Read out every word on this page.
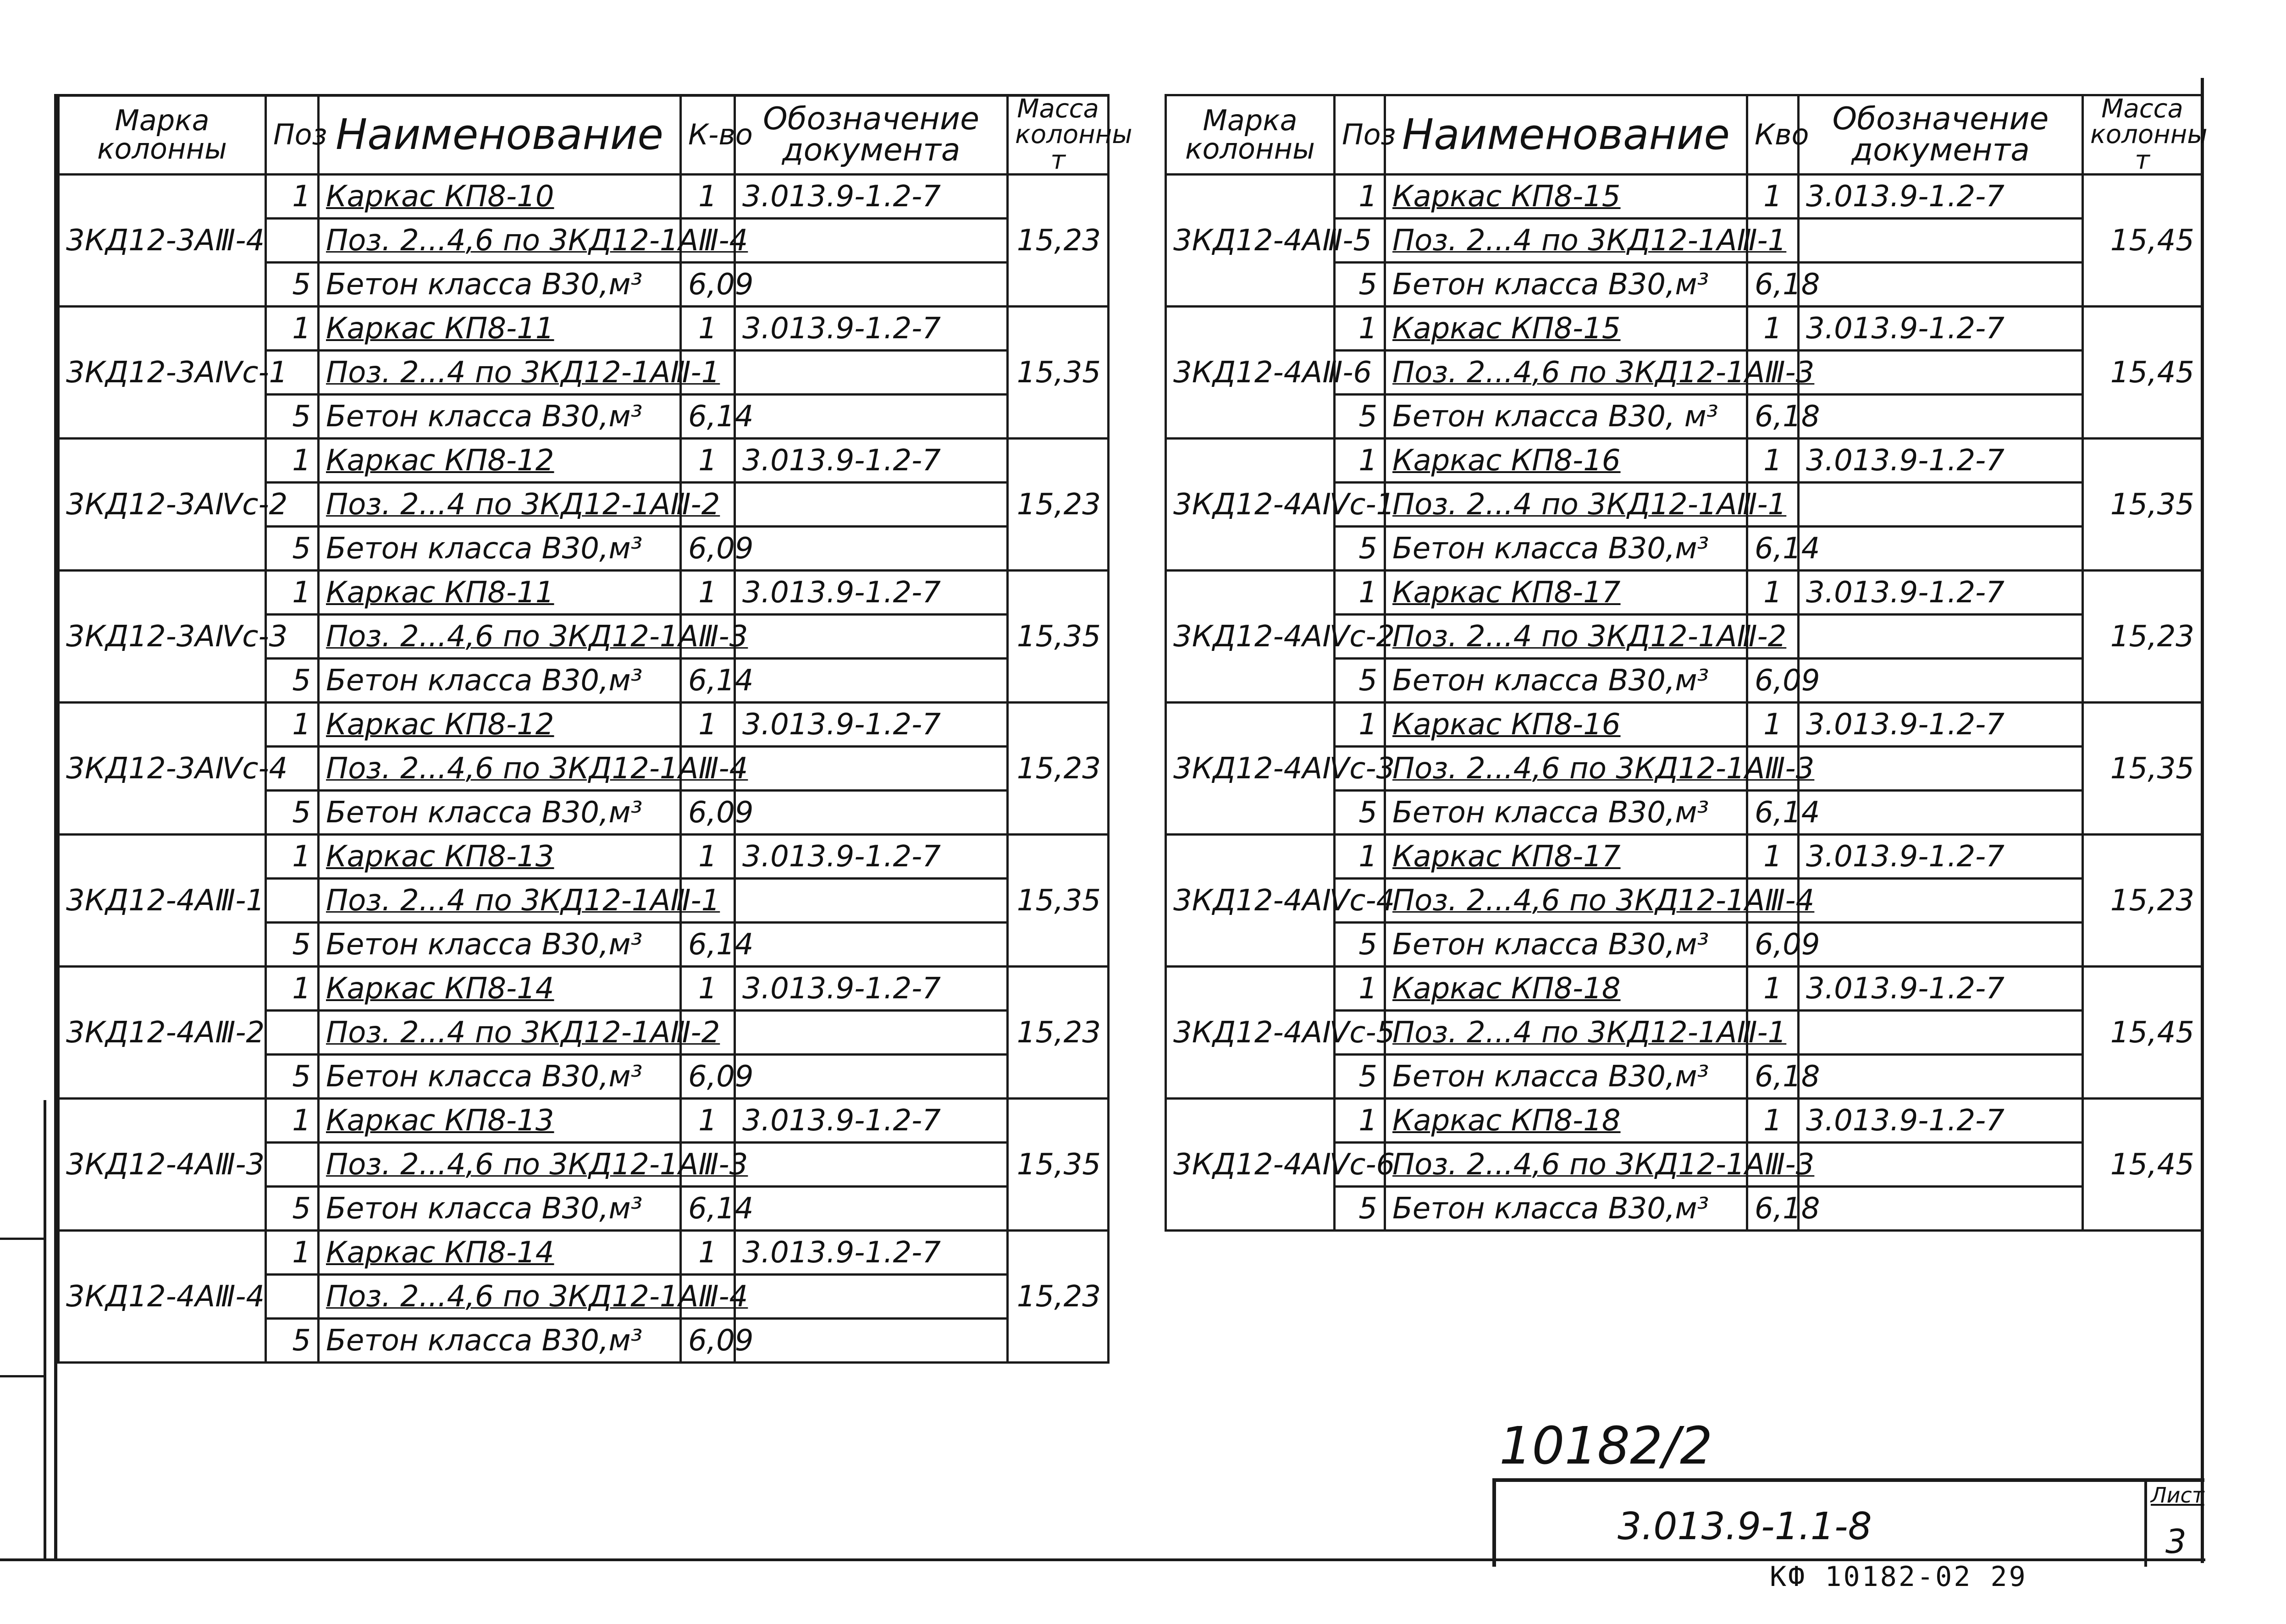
Марка колонны	Поз	Наименование	К-во	Обозначение документа	Масса колонны т
3КД12-3АⅢ-4	1	Каркас КП8-10	1	3.013.9-1.2-7	15,23
		Поз. 2...4,6 по 3КД12-1АⅢ-4			
	5	Бетон класса В30,м³	6,09		
3КД12-3АⅣс-1	1	Каркас КП8-11	1	3.013.9-1.2-7	15,35
		Поз. 2...4 по 3КД12-1АⅢ-1			
	5	Бетон класса В30,м³	6,14		
3КД12-3АⅣс-2	1	Каркас КП8-12	1	3.013.9-1.2-7	15,23
		Поз. 2...4 по 3КД12-1АⅢ-2			
	5	Бетон класса В30,м³	6,09		
3КД12-3АⅣс-3	1	Каркас КП8-11	1	3.013.9-1.2-7	15,35
		Поз. 2...4,6 по 3КД12-1АⅢ-3			
	5	Бетон класса В30,м³	6,14		
3КД12-3АⅣс-4	1	Каркас КП8-12	1	3.013.9-1.2-7	15,23
		Поз. 2...4,6 по 3КД12-1АⅢ-4			
	5	Бетон класса В30,м³	6,09		
3КД12-4АⅢ-1	1	Каркас КП8-13	1	3.013.9-1.2-7	15,35
		Поз. 2...4 по 3КД12-1АⅢ-1			
	5	Бетон класса В30,м³	6,14		
3КД12-4АⅢ-2	1	Каркас КП8-14	1	3.013.9-1.2-7	15,23
		Поз. 2...4 по 3КД12-1АⅢ-2			
	5	Бетон класса В30,м³	6,09		
3КД12-4АⅢ-3	1	Каркас КП8-13	1	3.013.9-1.2-7	15,35
		Поз. 2...4,6 по 3КД12-1АⅢ-3			
	5	Бетон класса В30,м³	6,14		
3КД12-4АⅢ-4	1	Каркас КП8-14	1	3.013.9-1.2-7	15,23
		Поз. 2...4,6 по 3КД12-1АⅢ-4			
	5	Бетон класса В30,м³	6,09		
Марка колонны	Поз	Наименование	Кво	Обозначение документа	Масса колонны т
3КД12-4АⅢ-5	1	Каркас КП8-15	1	3.013.9-1.2-7	15,45
		Поз. 2...4 по 3КД12-1АⅢ-1			
	5	Бетон класса В30,м³	6,18		
3КД12-4АⅢ-6	1	Каркас КП8-15	1	3.013.9-1.2-7	15,45
		Поз. 2...4,6 по 3КД12-1АⅢ-3			
	5	Бетон класса В30, м³	6,18		
3КД12-4АⅣс-1	1	Каркас КП8-16	1	3.013.9-1.2-7	15,35
		Поз. 2...4 по 3КД12-1АⅢ-1			
	5	Бетон класса В30,м³	6,14		
3КД12-4АⅣс-2	1	Каркас КП8-17	1	3.013.9-1.2-7	15,23
		Поз. 2...4 по 3КД12-1АⅢ-2			
	5	Бетон класса В30,м³	6,09		
3КД12-4АⅣс-3	1	Каркас КП8-16	1	3.013.9-1.2-7	15,35
		Поз. 2...4,6 по 3КД12-1АⅢ-3			
	5	Бетон класса В30,м³	6,14		
3КД12-4АⅣс-4	1	Каркас КП8-17	1	3.013.9-1.2-7	15,23
		Поз. 2...4,6 по 3КД12-1АⅢ-4			
	5	Бетон класса В30,м³	6,09		
3КД12-4АⅣс-5	1	Каркас КП8-18	1	3.013.9-1.2-7	15,45
		Поз. 2...4 по 3КД12-1АⅢ-1			
	5	Бетон класса В30,м³	6,18		
3КД12-4АⅣс-6	1	Каркас КП8-18	1	3.013.9-1.2-7	15,45
		Поз. 2...4,6 по 3КД12-1АⅢ-3			
	5	Бетон класса В30,м³	6,18		
10182/2
3.013.9-1.1-8
Лист
3
КФ 10182-02 29
